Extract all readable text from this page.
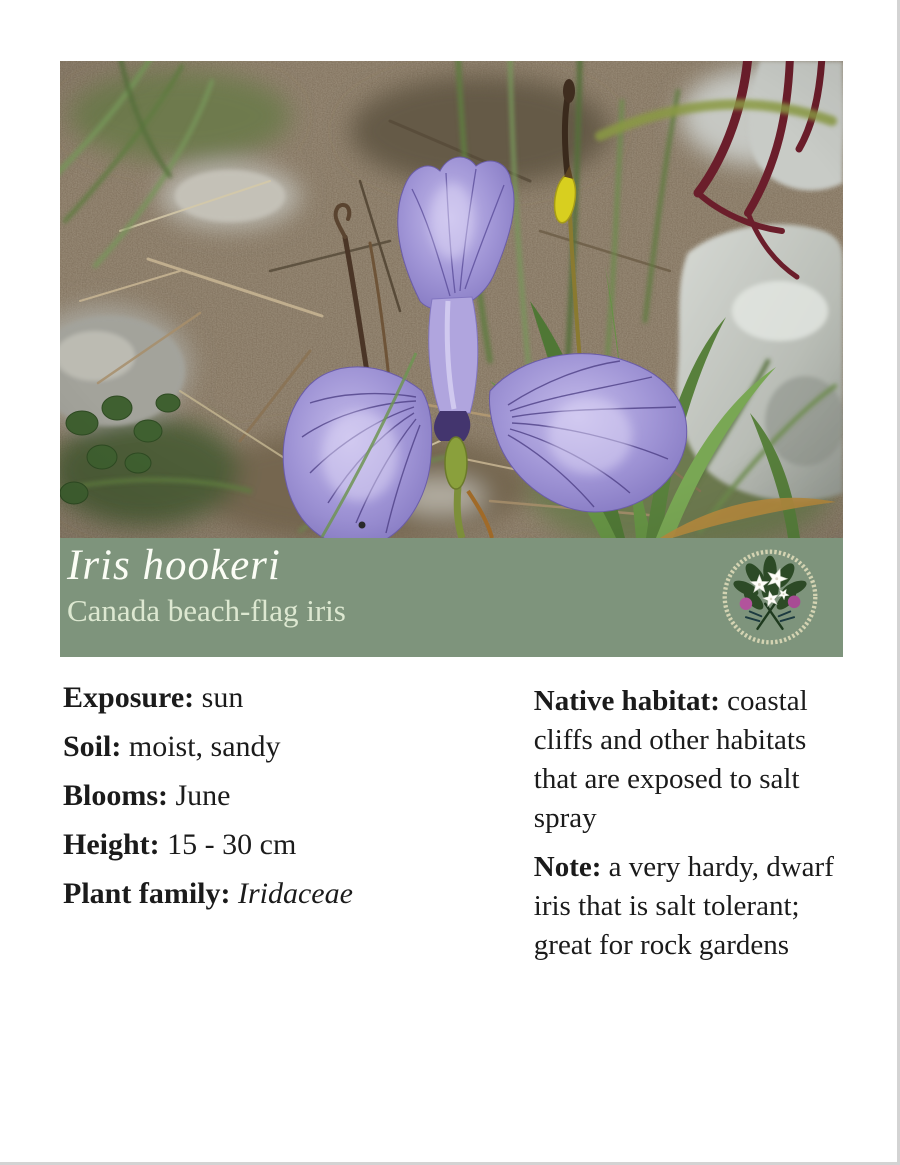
Iris hookeri
Canada beach-flag iris

Exposure: sun

Soil: moist, sandy

Blooms: June

Height: 15 - 30 cm

Plant family: Iridaceae

Native habitat: coastal cliffs and other habitats that are exposed to salt spray

Note: a very hardy, dwarf iris that is salt tolerant; great for rock gardens
